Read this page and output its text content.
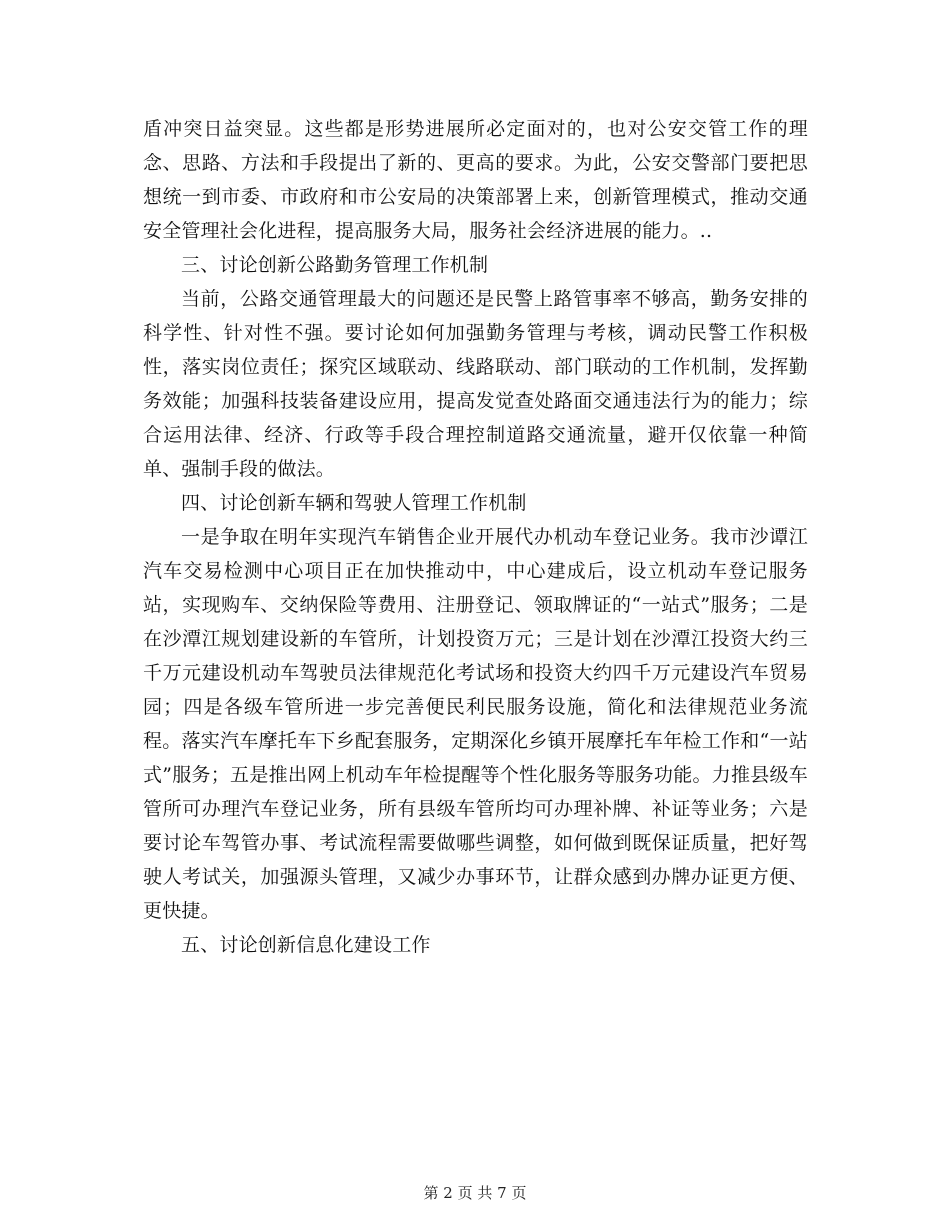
盾冲突日益突显。这些都是形势进展所必定面对的，也对公安交管工作的理念、思路、方法和手段提出了新的、更高的要求。为此，公安交警部门要把思想统一到市委、市政府和市公安局的决策部署上来，创新管理模式，推动交通安全管理社会化进程，提高服务大局，服务社会经济进展的能力。..

三、讨论创新公路勤务管理工作机制

当前，公路交通管理最大的问题还是民警上路管事率不够高，勤务安排的科学性、针对性不强。要讨论如何加强勤务管理与考核，调动民警工作积极性，落实岗位责任；探究区域联动、线路联动、部门联动的工作机制，发挥勤务效能；加强科技装备建设应用，提高发觉查处路面交通违法行为的能力；综合运用法律、经济、行政等手段合理控制道路交通流量，避开仅依靠一种简单、强制手段的做法。

四、讨论创新车辆和驾驶人管理工作机制

一是争取在明年实现汽车销售企业开展代办机动车登记业务。我市沙谭江汽车交易检测中心项目正在加快推动中，中心建成后，设立机动车登记服务站，实现购车、交纳保险等费用、注册登记、领取牌证的“一站式”服务；二是在沙潭江规划建设新的车管所，计划投资万元；三是计划在沙潭江投资大约三千万元建设机动车驾驶员法律规范化考试场和投资大约四千万元建设汽车贸易园；四是各级车管所进一步完善便民利民服务设施，简化和法律规范业务流程。落实汽车摩托车下乡配套服务，定期深化乡镇开展摩托车年检工作和“一站式”服务；五是推出网上机动车年检提醒等个性化服务等服务功能。力推县级车管所可办理汽车登记业务，所有县级车管所均可办理补牌、补证等业务；六是要讨论车驾管办事、考试流程需要做哪些调整，如何做到既保证质量，把好驾驶人考试关，加强源头管理，又减少办事环节，让群众感到办牌办证更方便、更快捷。

五、讨论创新信息化建设工作

第 2 页 共 7 页
